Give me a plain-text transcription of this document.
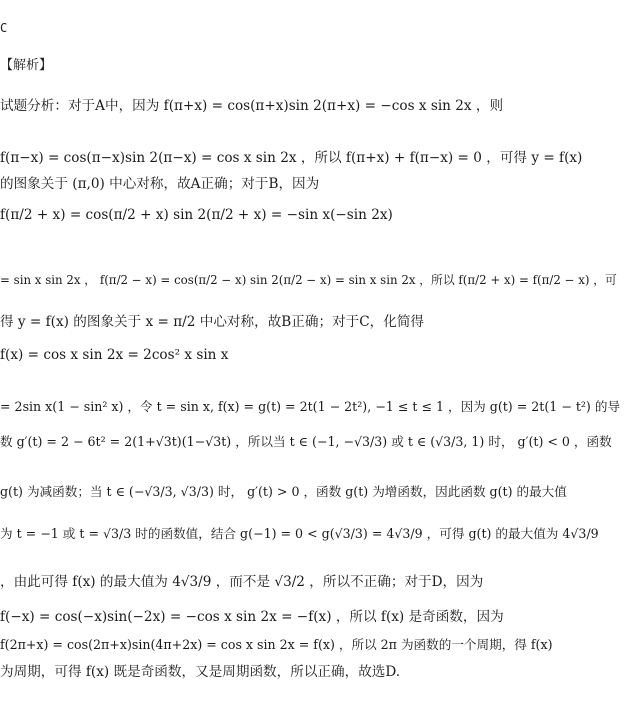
C
【解析】
试题分析：对于A中，因为 f(π+x) = cos(π+x)sin 2(π+x) = −cos x sin 2x ，则
f(π−x) = cos(π−x)sin 2(π−x) = cos x sin 2x ，所以 f(π+x) + f(π−x) = 0 ，可得 y = f(x)
的图象关于 (π,0) 中心对称，故A正确；对于B，因为
f(π/2 + x) = cos(π/2 + x) sin 2(π/2 + x) = −sin x(−sin 2x)
= sin x sin 2x ， f(π/2 − x) = cos(π/2 − x) sin 2(π/2 − x) = sin x sin 2x ，所以 f(π/2 + x) = f(π/2 − x) ，可
得 y = f(x) 的图象关于 x = π/2 中心对称，故B正确；对于C，化简得
f(x) = cos x sin 2x = 2cos² x sin x
= 2sin x(1 − sin² x) ，令 t = sin x, f(x) = g(t) = 2t(1 − 2t²), −1 ≤ t ≤ 1 ，因为 g(t) = 2t(1 − t²) 的导
数 g′(t) = 2 − 6t² = 2(1+√3t)(1−√3t) ，所以当 t ∈ (−1, −√3/3) 或 t ∈ (√3/3, 1) 时， g′(t) < 0 ，函数
g(t) 为减函数；当 t ∈ (−√3/3, √3/3) 时， g′(t) > 0 ，函数 g(t) 为增函数，因此函数 g(t) 的最大值
为 t = −1 或 t = √3/3 时的函数值，结合 g(−1) = 0 < g(√3/3) = 4√3/9 ，可得 g(t) 的最大值为 4√3/9
，由此可得 f(x) 的最大值为 4√3/9 ，而不是 √3/2 ，所以不正确；对于D，因为
f(−x) = cos(−x)sin(−2x) = −cos x sin 2x = −f(x) ，所以 f(x) 是奇函数，因为
f(2π+x) = cos(2π+x)sin(4π+2x) = cos x sin 2x = f(x) ，所以 2π 为函数的一个周期，得 f(x)
为周期，可得 f(x) 既是奇函数，又是周期函数，所以正确，故选D.
